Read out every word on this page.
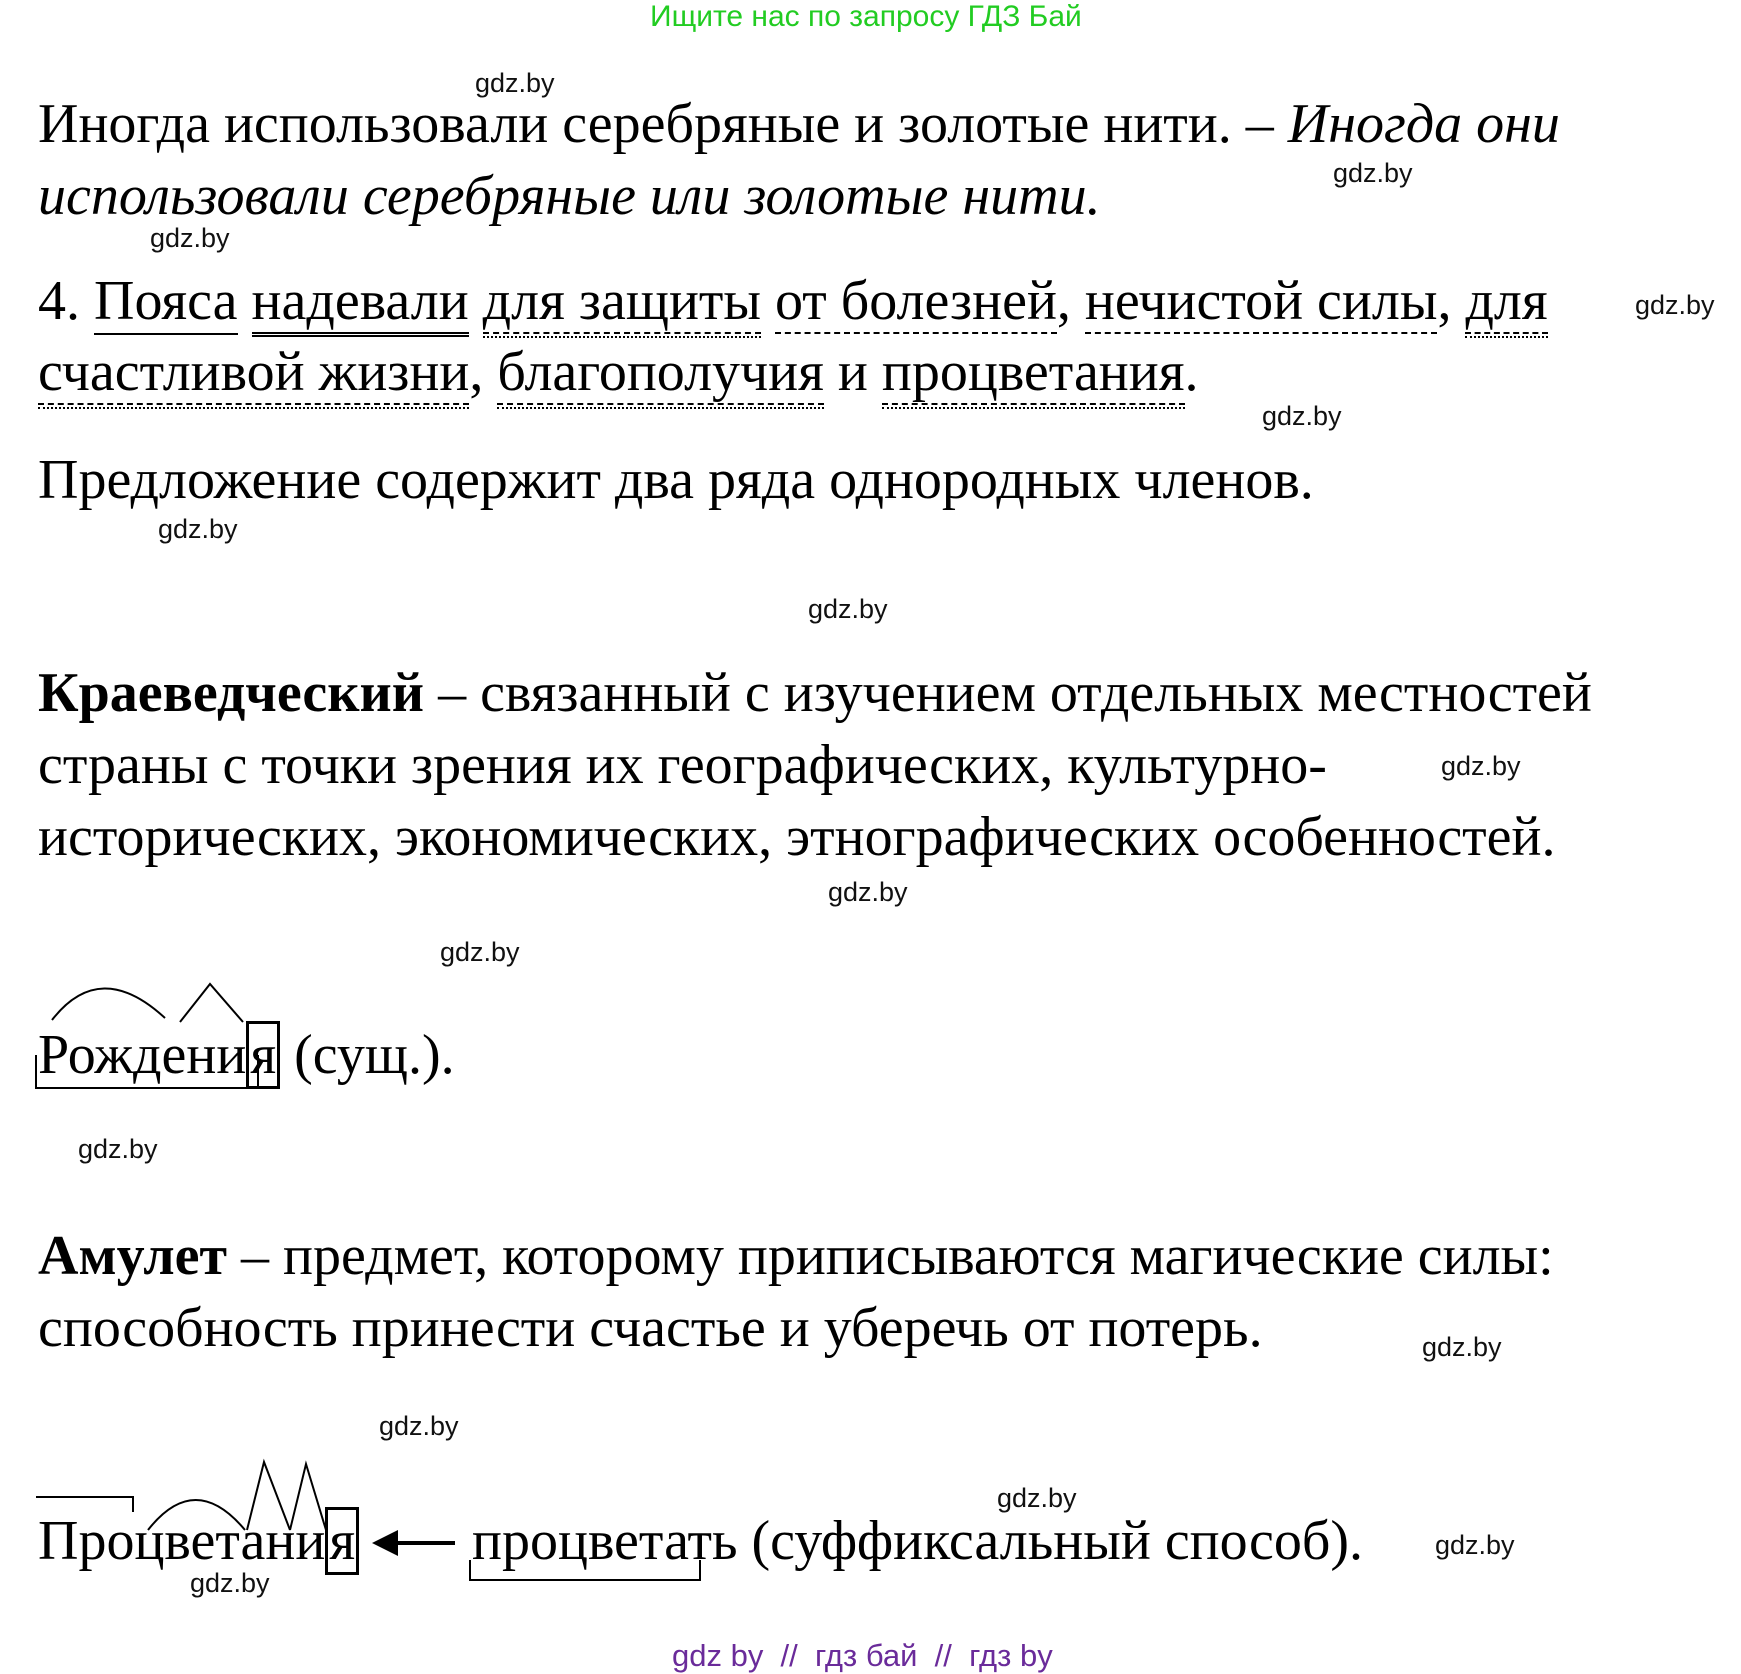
Ищите нас по запросу ГДЗ Бай
Иногда использовали серебряные и золотые нити. – Иногда они
использовали серебряные или золотые нити.
4. Пояса надевали для защиты от болезней, нечистой силы, для
счастливой жизни, благополучия и процветания.
Предложение содержит два ряда однородных членов.
Краеведческий – связанный с изучением отдельных местностей
страны с точки зрения их географических, культурно-
исторических, экономических, этнографических особенностей.
Рождения (сущ.).
Амулет – предмет, которому приписываются магические силы:
способность принести счастье и уберечь от потерь.
Процветания процветать (суффиксальный способ).
gdz.by
gdz.by
gdz.by
gdz.by
gdz.by
gdz.by
gdz.by
gdz.by
gdz.by
gdz.by
gdz.by
gdz.by
gdz.by
gdz.by
gdz.by
gdz.by
gdz by  //  гдз бай  //  гдз by
